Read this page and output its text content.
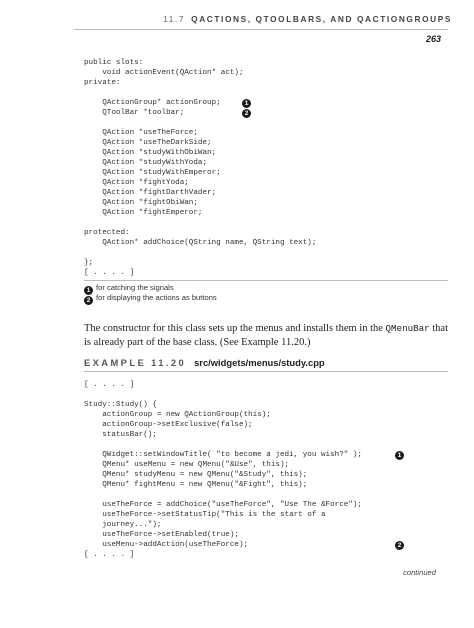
11.7 QACTIONS, QTOOLBARS, AND QACTIONGROUPS
263
public slots:
void actionEvent(QAction* act);
private:
QActionGroup* actionGroup;
QToolBar *toolbar;
QAction *useTheForce;
QAction *useTheDarkSide;
QAction *studyWithObiWan;
QAction *studyWithYoda;
QAction *studyWithEmperor;
QAction *fightYoda;
QAction *fightDarthVader;
QAction *fightObiWan;
QAction *fightEmperor;
protected:
QAction* addChoice(QString name, QString text);
};
[ . . . . ]
1
2
1 for catching the signals
2 for displaying the actions as buttons
The constructor for this class sets up the menus and installs them in the QMenuBar that is already part of the base class. (See Example 11.20.)
EXAMPLE 11.20 src/widgets/menus/study.cpp
[ . . . . ]
Study::Study() {
actionGroup = new QActionGroup(this);
actionGroup->setExclusive(false);
statusBar();
QWidget::setWindowTitle( "to become a jedi, you wish?" );
QMenu* useMenu = new QMenu("&Use", this);
QMenu* studyMenu = new QMenu("&Study", this);
QMenu* fightMenu = new QMenu("&Fight", this);
useTheForce = addChoice("useTheForce", "Use The &Force");
useTheForce->setStatusTip("This is the start of a
journey...");
useTheForce->setEnabled(true);
useMenu->addAction(useTheForce);
[ . . . . ]
1
2
continued
